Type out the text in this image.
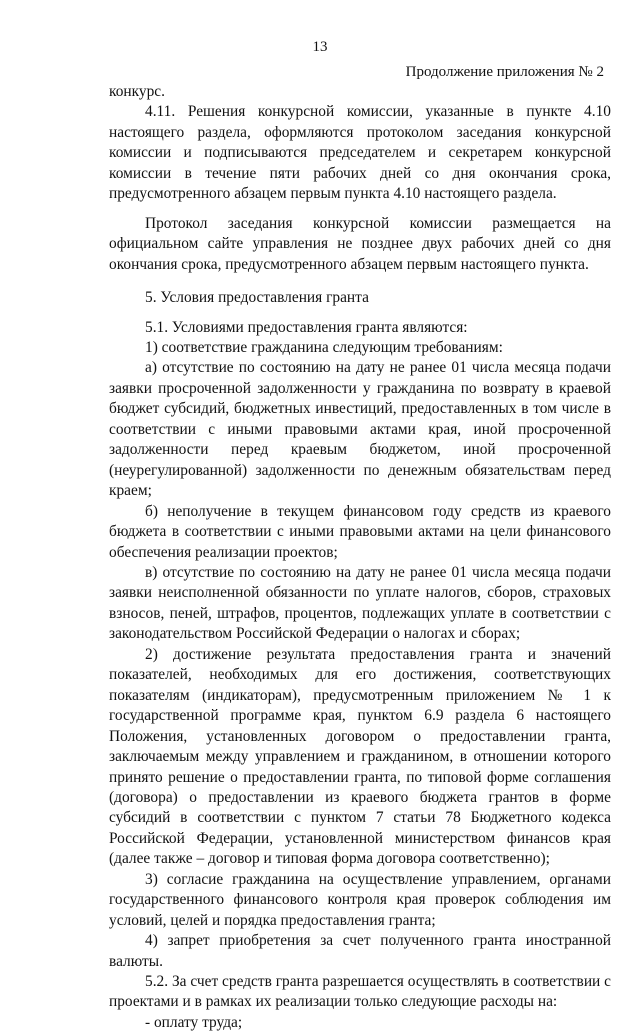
13
Продолжение приложения № 2

конкурс.

4.11. Решения конкурсной комиссии, указанные в пункте 4.10 настоящего раздела, оформляются протоколом заседания конкурсной комиссии и подписываются председателем и секретарем конкурсной комиссии в течение пяти рабочих дней со дня окончания срока, предусмотренного абзацем первым пункта 4.10 настоящего раздела.

Протокол заседания конкурсной комиссии размещается на официальном сайте управления не позднее двух рабочих дней со дня окончания срока, предусмотренного абзацем первым настоящего пункта.

5. Условия предоставления гранта

5.1. Условиями предоставления гранта являются:

1) соответствие гражданина следующим требованиям:

а) отсутствие по состоянию на дату не ранее 01 числа месяца подачи заявки просроченной задолженности у гражданина по возврату в краевой бюджет субсидий, бюджетных инвестиций, предоставленных в том числе в соответствии с иными правовыми актами края, иной просроченной задолженности перед краевым бюджетом, иной просроченной (неурегулированной) задолженности по денежным обязательствам перед краем;

б) неполучение в текущем финансовом году средств из краевого бюджета в соответствии с иными правовыми актами на цели финансового обеспечения реализации проектов;

в) отсутствие по состоянию на дату не ранее 01 числа месяца подачи заявки неисполненной обязанности по уплате налогов, сборов, страховых взносов, пеней, штрафов, процентов, подлежащих уплате в соответствии с законодательством Российской Федерации о налогах и сборах;

2) достижение результата предоставления гранта и значений показателей, необходимых для его достижения, соответствующих показателям (индикаторам), предусмотренным приложением № 1 к государственной программе края, пунктом 6.9 раздела 6 настоящего Положения, установленных договором о предоставлении гранта, заключаемым между управлением и гражданином, в отношении которого принято решение о предоставлении гранта, по типовой форме соглашения (договора) о предоставлении из краевого бюджета грантов в форме субсидий в соответствии с пунктом 7 статьи 78 Бюджетного кодекса Российской Федерации, установленной министерством финансов края (далее также – договор и типовая форма договора соответственно);

3) согласие гражданина на осуществление управлением, органами государственного финансового контроля края проверок соблюдения им условий, целей и порядка предоставления гранта;

4) запрет приобретения за счет полученного гранта иностранной валюты.

5.2. За счет средств гранта разрешается осуществлять в соответствии с проектами и в рамках их реализации только следующие расходы на:

- оплату труда;
